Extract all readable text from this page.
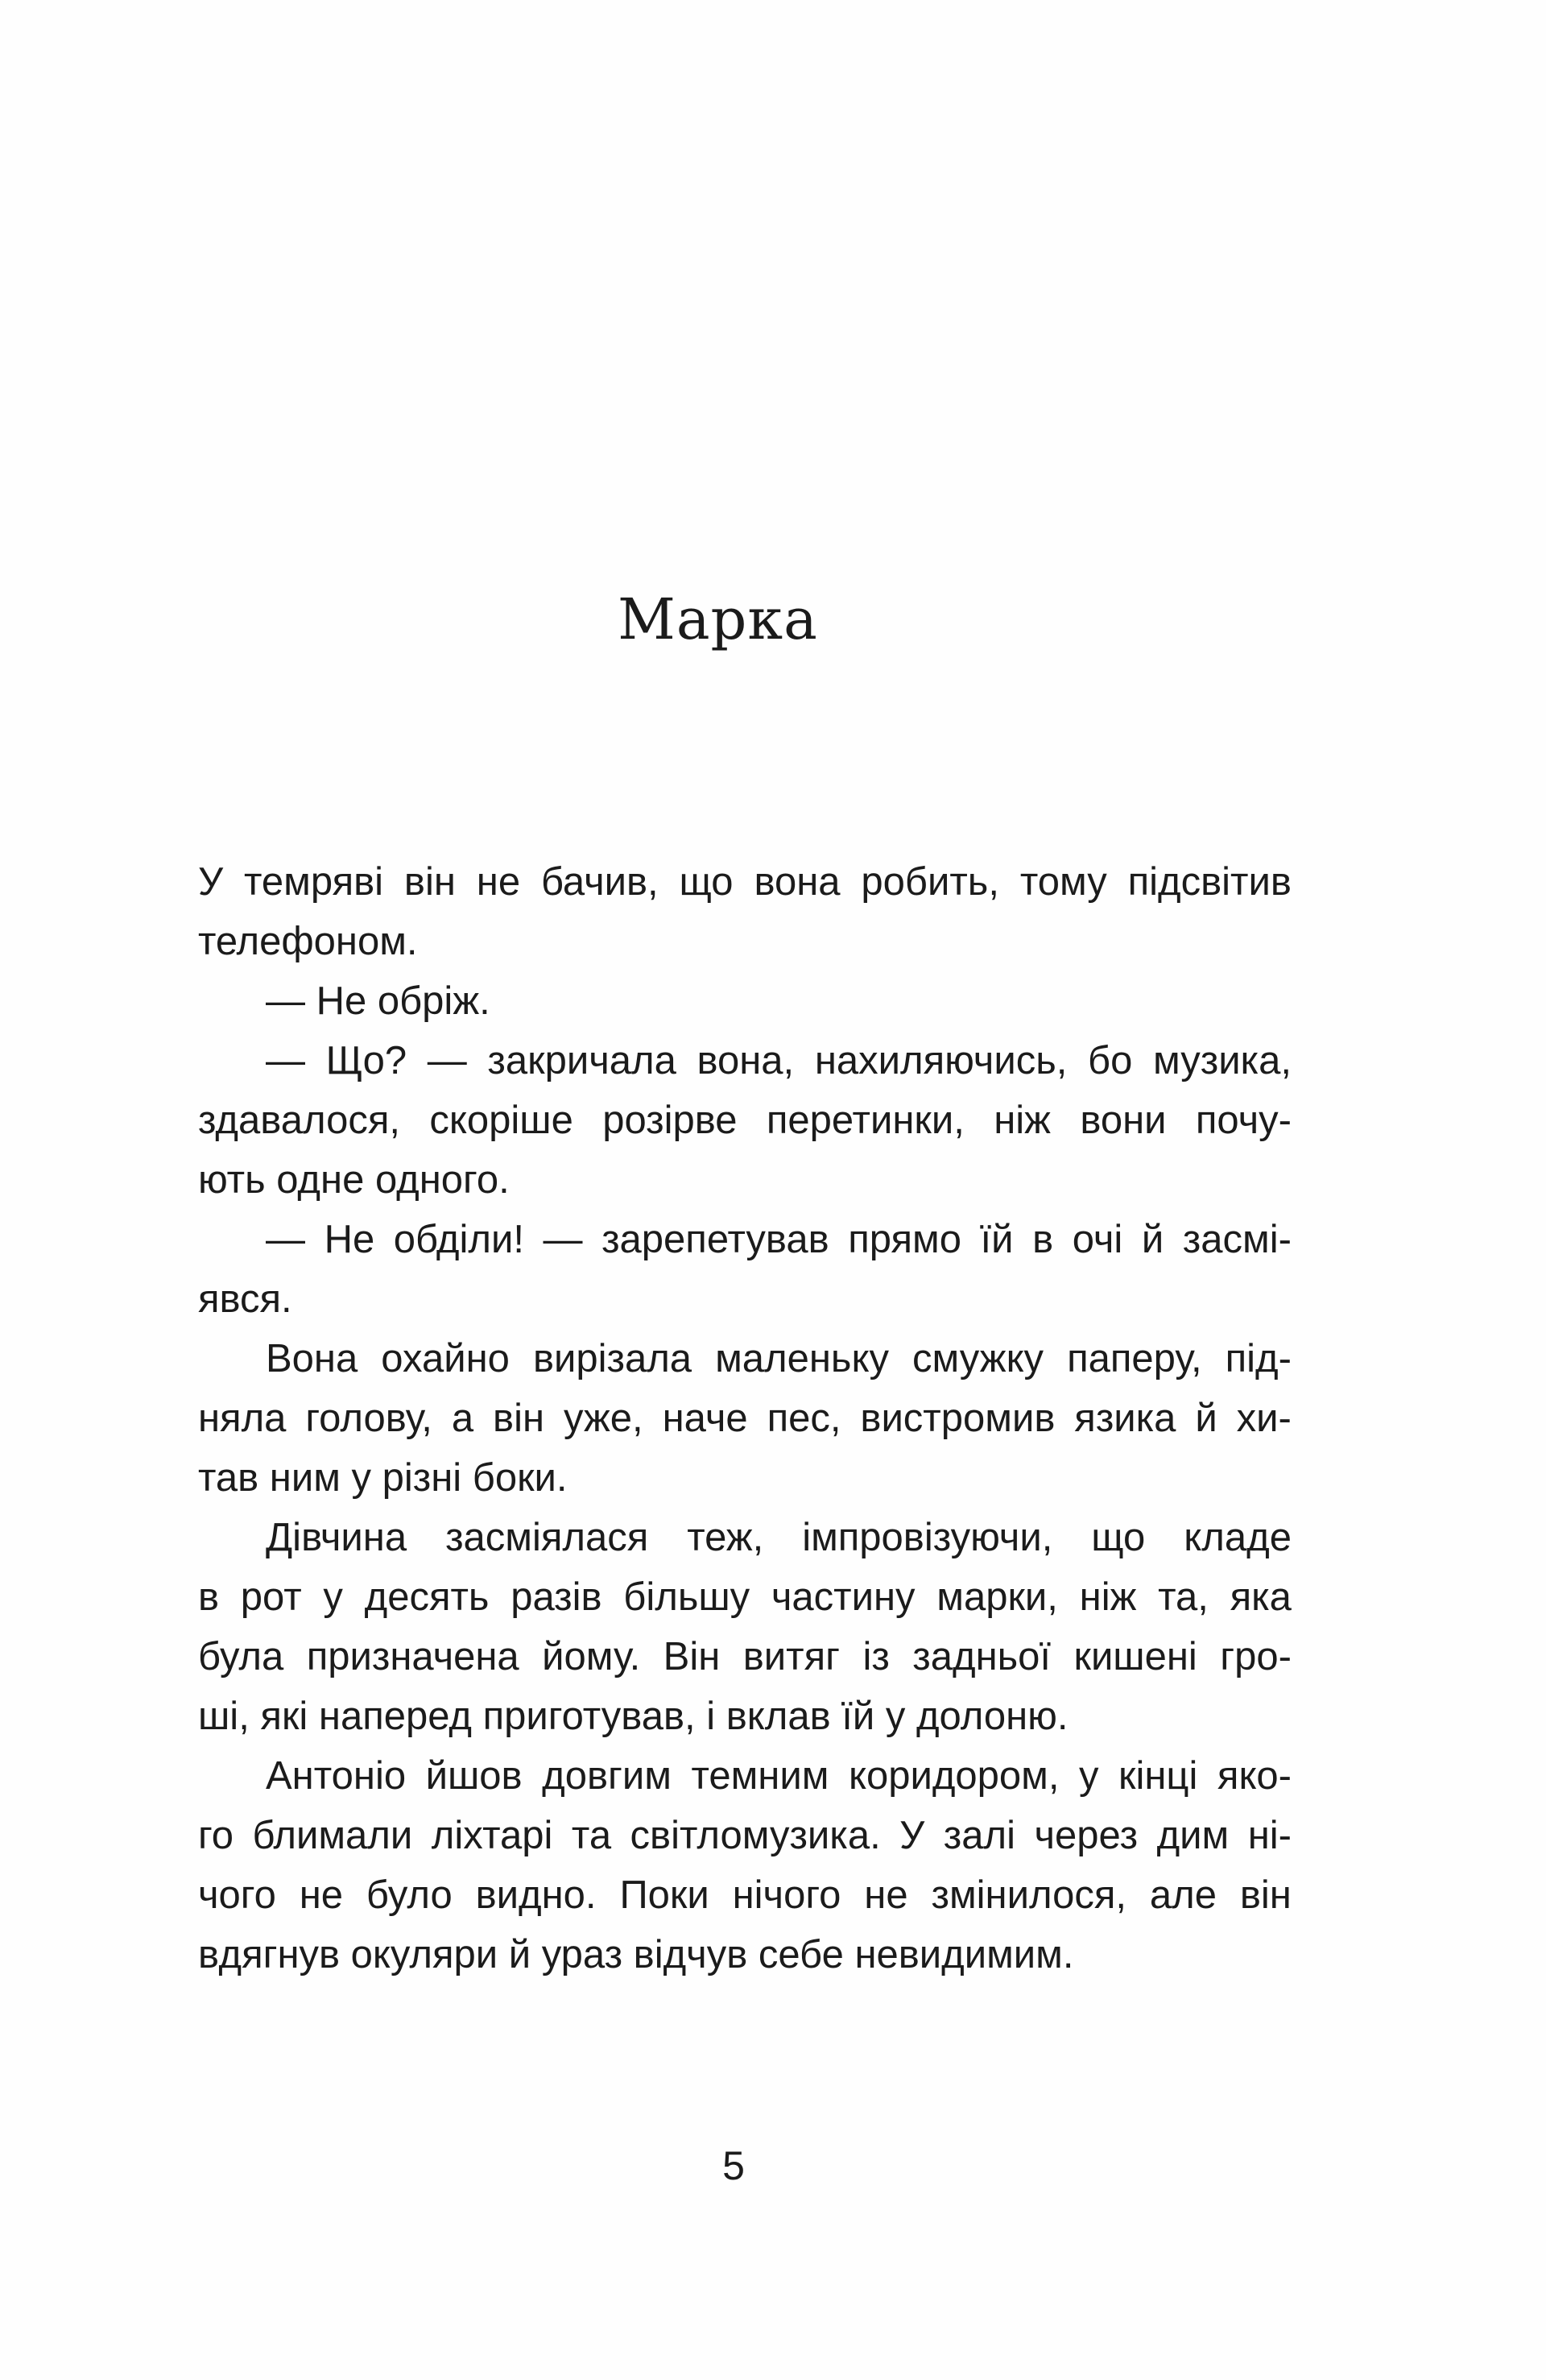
Марка
У темряві він не бачив, що вона робить, тому підсвітив
телефоном.
— Не обріж.
— Що? — закричала вона, нахиляючись, бо музика,
здавалося, скоріше розірве перетинки, ніж вони почу-
ють одне одного.
— Не обділи! — зарепетував прямо їй в очі й засмі-
явся.
Вона охайно вирізала маленьку смужку паперу, під-
няла голову, а він уже, наче пес, вистромив язика й хи-
тав ним у різні боки.
Дівчина засміялася теж, імпровізуючи, що кладе
в рот у десять разів більшу частину марки, ніж та, яка
була призначена йому. Він витяг із задньої кишені гро-
ші, які наперед приготував, і вклав їй у долоню.
Антоніо йшов довгим темним коридором, у кінці яко-
го блимали ліхтарі та світломузика. У залі через дим ні-
чого не було видно. Поки нічого не змінилося, але він
вдягнув окуляри й ураз відчув себе невидимим.
5
